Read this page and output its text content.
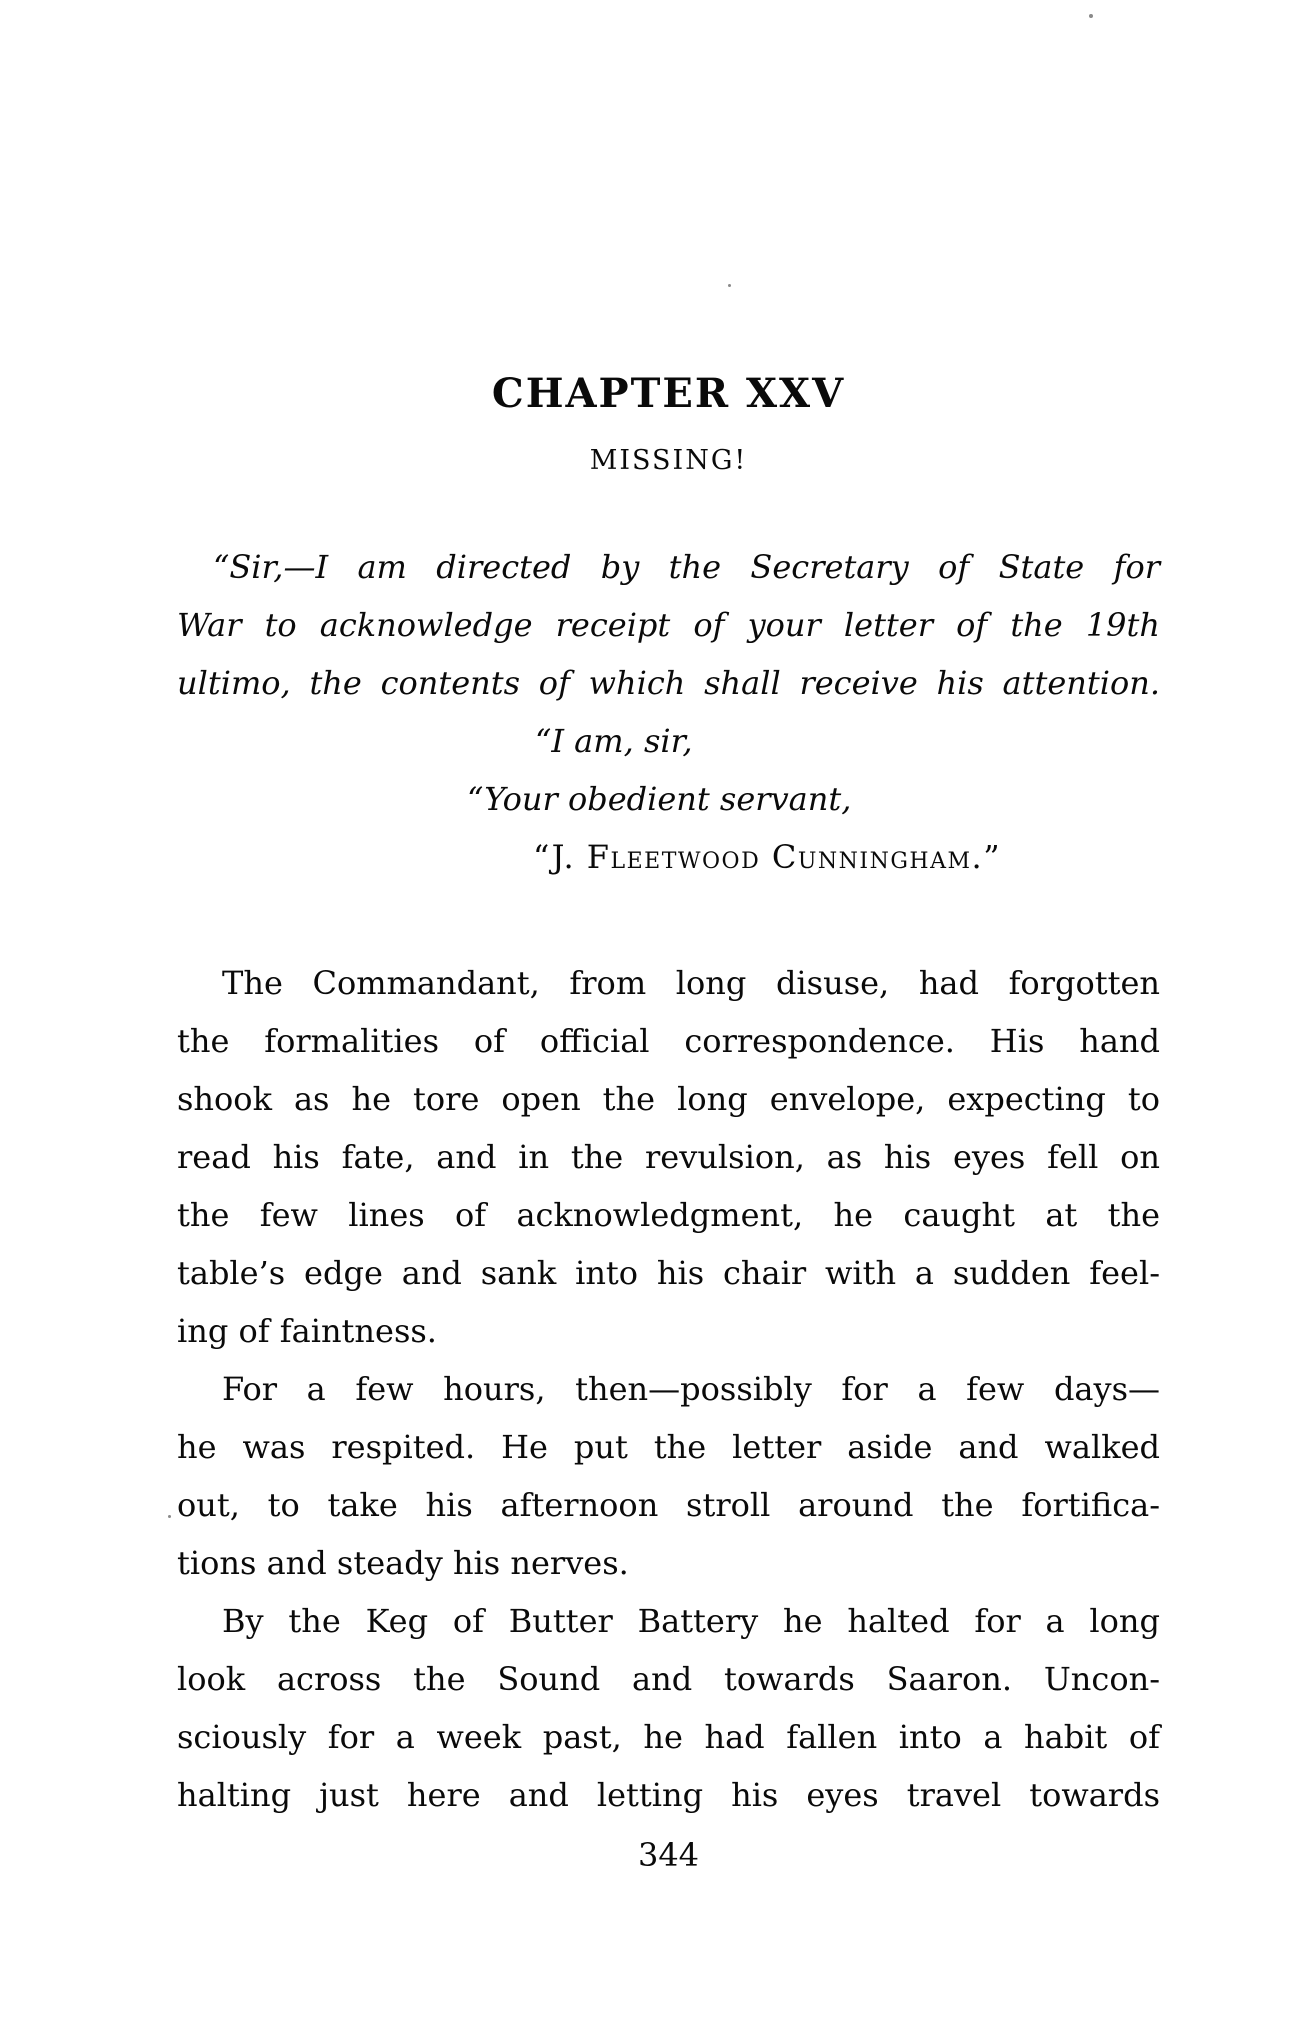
CHAPTER XXV
MISSING!
“Sir,—I am directed by the Secretary of State for
War to acknowledge receipt of your letter of the 19th
ultimo, the contents of which shall receive his attention.
“I am, sir,
“Your obedient servant,
“J. Fleetwood Cunningham.”
The Commandant, from long disuse, had forgotten
the formalities of official correspondence. His hand
shook as he tore open the long envelope, expecting to
read his fate, and in the revulsion, as his eyes fell on
the few lines of acknowledgment, he caught at the
table’s edge and sank into his chair with a sudden feel-
ing of faintness.
For a few hours, then—possibly for a few days—
he was respited. He put the letter aside and walked
out, to take his afternoon stroll around the fortifica-
tions and steady his nerves.
By the Keg of Butter Battery he halted for a long
look across the Sound and towards Saaron. Uncon-
sciously for a week past, he had fallen into a habit of
halting just here and letting his eyes travel towards
344
